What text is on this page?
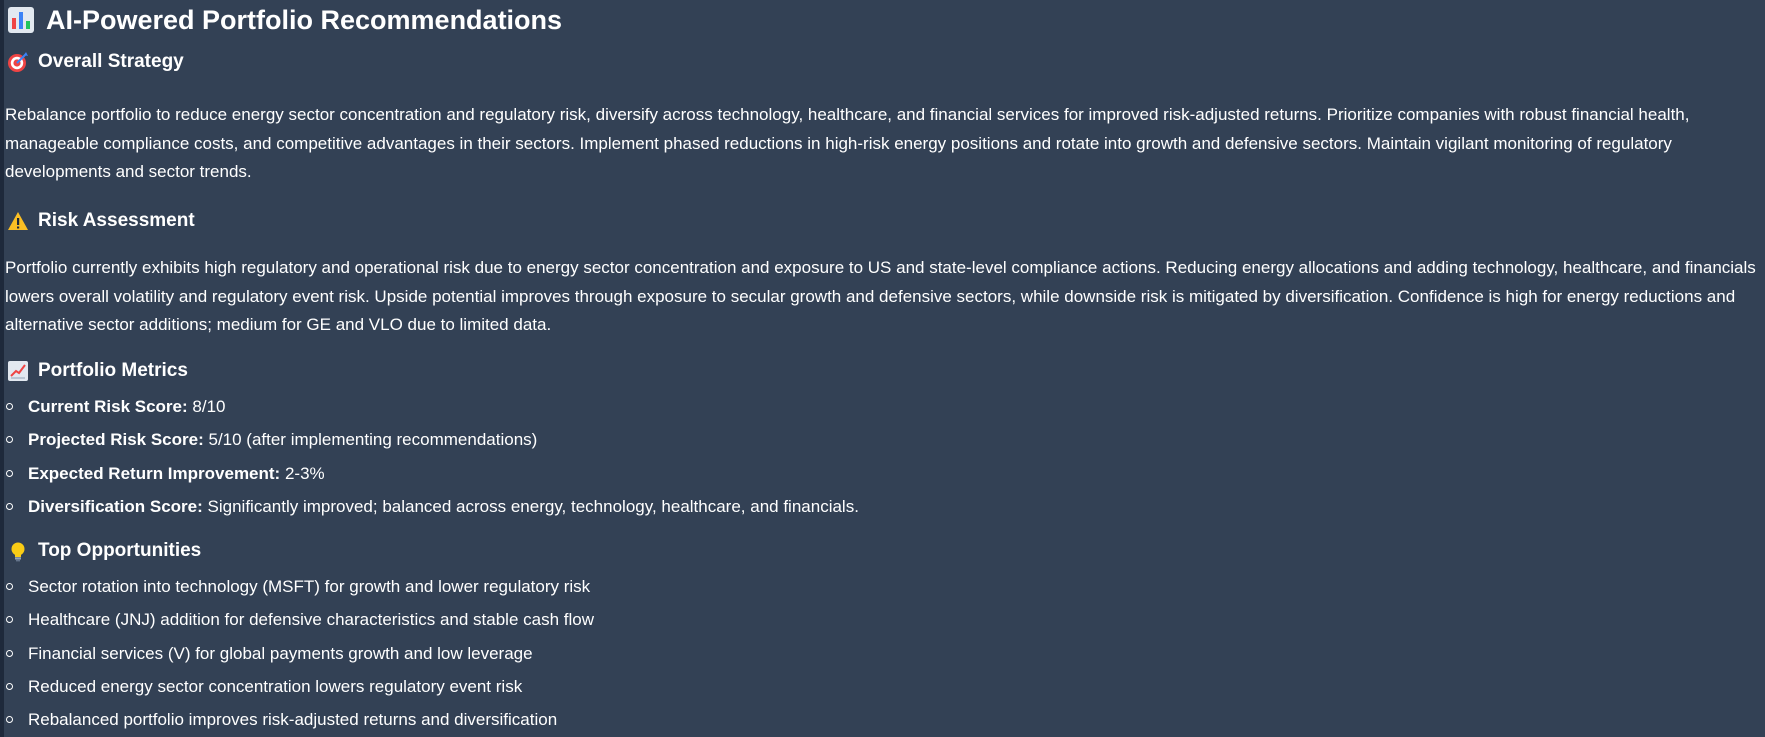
AI-Powered Portfolio Recommendations
Overall Strategy

Rebalance portfolio to reduce energy sector concentration and regulatory risk, diversify across technology, healthcare, and financial services for improved risk-adjusted returns. Prioritize companies with robust financial health, manageable compliance costs, and competitive advantages in their sectors. Implement phased reductions in high-risk energy positions and rotate into growth and defensive sectors. Maintain vigilant monitoring of regulatory developments and sector trends.

Risk Assessment

Portfolio currently exhibits high regulatory and operational risk due to energy sector concentration and exposure to US and state-level compliance actions. Reducing energy allocations and adding technology, healthcare, and financials lowers overall volatility and regulatory event risk. Upside potential improves through exposure to secular growth and defensive sectors, while downside risk is mitigated by diversification. Confidence is high for energy reductions and alternative sector additions; medium for GE and VLO due to limited data.

Portfolio Metrics
Current Risk Score:
8/10
Projected Risk Score:
5/10 (after implementing recommendations)
Expected Return Improvement:
2-3%
Diversification Score:
Significantly improved; balanced across energy, technology, healthcare, and financials.
Top Opportunities
Sector rotation into technology (MSFT) for growth and lower regulatory risk
Healthcare (JNJ) addition for defensive characteristics and stable cash flow
Financial services (V) for global payments growth and low leverage
Reduced energy sector concentration lowers regulatory event risk
Rebalanced portfolio improves risk-adjusted returns and diversification
